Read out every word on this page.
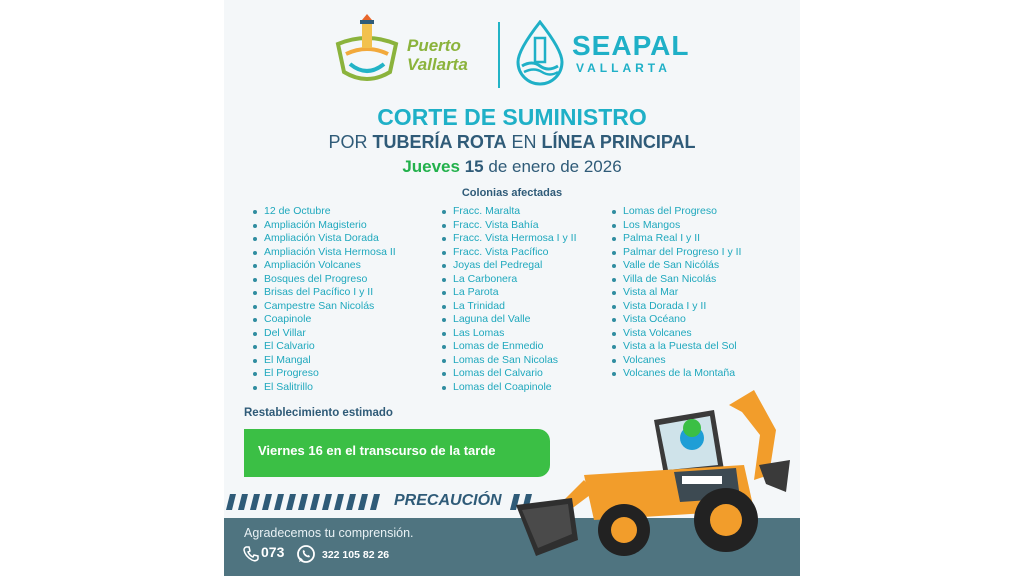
Puerto
Vallarta
SEAPAL
VALLARTA
CORTE DE SUMINISTRO
POR TUBERÍA ROTA EN LÍNEA PRINCIPAL
Jueves 15 de enero de 2026
Colonias afectadas
12 de Octubre
Ampliación Magisterio
Ampliación Vista Dorada
Ampliación Vista Hermosa II
Ampliación Volcanes
Bosques del Progreso
Brisas del Pacífico I y II
Campestre San Nicolás
Coapinole
Del Villar
El Calvario
El Mangal
El Progreso
El Salitrillo
Fracc. Maralta
Fracc. Vista Bahía
Fracc. Vista Hermosa I y II
Fracc. Vista Pacífico
Joyas del Pedregal
La Carbonera
La Parota
La Trinidad
Laguna del Valle
Las Lomas
Lomas de Enmedio
Lomas de San Nicolas
Lomas del Calvario
Lomas del Coapinole
Lomas del Progreso
Los Mangos
Palma Real I y II
Palmar del Progreso I y II
Valle de San Nicólás
Villa de San Nicolás
Vista al Mar
Vista Dorada I y II
Vista Océano
Vista Volcanes
Vista a la Puesta del Sol
Volcanes
Volcanes de la Montaña
Restablecimiento estimado
Viernes 16 en el transcurso de la tarde
PRECAUCIÓN
Agradecemos tu comprensión.
073	322 105 82 26
